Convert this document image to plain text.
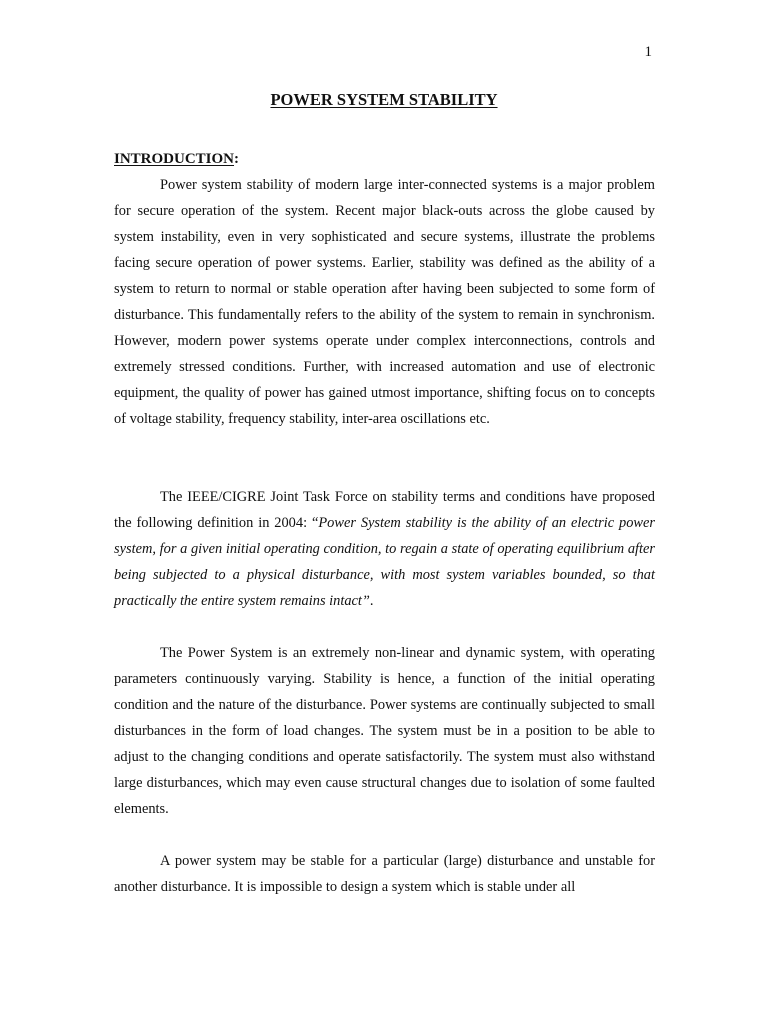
1
POWER SYSTEM STABILITY
INTRODUCTION:

Power system stability of modern large inter-connected systems is a major problem for secure operation of the system. Recent major black-outs across the globe caused by system instability, even in very sophisticated and secure systems, illustrate the problems facing secure operation of power systems. Earlier, stability was defined as the ability of a system to return to normal or stable operation after having been subjected to some form of disturbance. This fundamentally refers to the ability of the system to remain in synchronism. However, modern power systems operate under complex interconnections, controls and extremely stressed conditions. Further, with increased automation and use of electronic equipment, the quality of power has gained utmost importance, shifting focus on to concepts of voltage stability, frequency stability, inter-area oscillations etc.

The IEEE/CIGRE Joint Task Force on stability terms and conditions have proposed the following definition in 2004: “Power System stability is the ability of an electric power system, for a given initial operating condition, to regain a state of operating equilibrium after being subjected to a physical disturbance, with most system variables bounded, so that practically the entire system remains intact”.

The Power System is an extremely non-linear and dynamic system, with operating parameters continuously varying. Stability is hence, a function of the initial operating condition and the nature of the disturbance. Power systems are continually subjected to small disturbances in the form of load changes. The system must be in a position to be able to adjust to the changing conditions and operate satisfactorily. The system must also withstand large disturbances, which may even cause structural changes due to isolation of some faulted elements.

A power system may be stable for a particular (large) disturbance and unstable for another disturbance. It is impossible to design a system which is stable under all
